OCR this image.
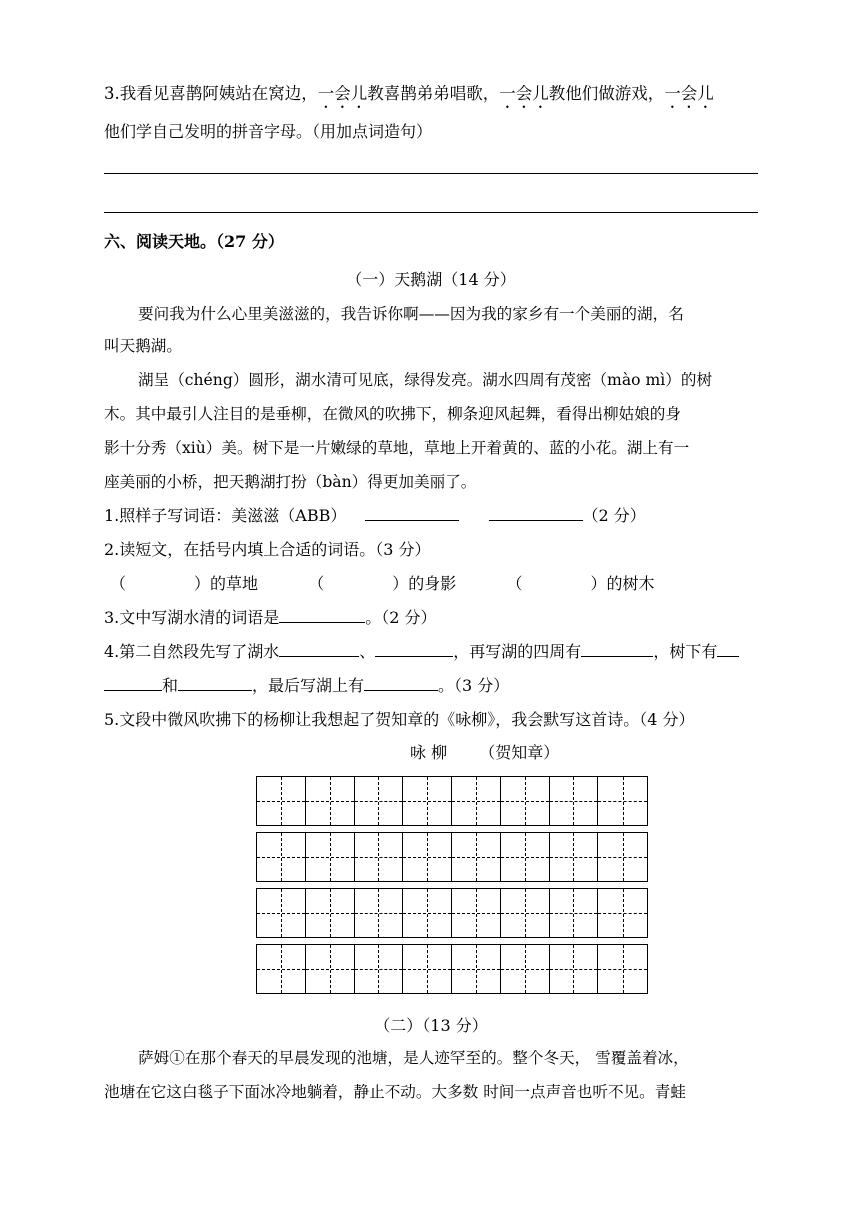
3.我看见喜鹊阿姨站在窝边，一会儿教喜鹊弟弟唱歌，一会儿教他们做游戏，一会儿
他们学自己发明的拼音字母。（用加点词造句）
六、阅读天地。（27 分）
（一）天鹅湖（14 分）
要问我为什么心里美滋滋的，我告诉你啊——因为我的家乡有一个美丽的湖，名
叫天鹅湖。
湖呈（chéng）圆形，湖水清可见底，绿得发亮。湖水四周有茂密（mào mì）的树
木。其中最引人注目的是垂柳，在微风的吹拂下，柳条迎风起舞，看得出柳姑娘的身
影十分秀（xiù）美。树下是一片嫩绿的草地，草地上开着黄的、蓝的小花。湖上有一
座美丽的小桥，把天鹅湖打扮（bàn）得更加美丽了。
1.照样子写词语：美滋滋（ABB）	（2 分）
2.读短文，在括号内填上合适的词语。（3 分）
（	）的草地	（	）的身影	（	）的树木
3.文中写湖水清的词语是	。（2 分）
4.第二自然段先写了湖水	、	，再写湖的四周有	，树下有
和	，最后写湖上有	。（3 分）
5.文段中微风吹拂下的杨柳让我想起了贺知章的《咏柳》，我会默写这首诗。（4 分）
咏 柳 （贺知章）
（二）（13 分）
萨姆①在那个春天的早晨发现的池塘，是人迹罕至的。整个冬天， 雪覆盖着冰，
池塘在它这白毯子下面冰冷地躺着，静止不动。大多数 时间一点声音也听不见。青蛙
